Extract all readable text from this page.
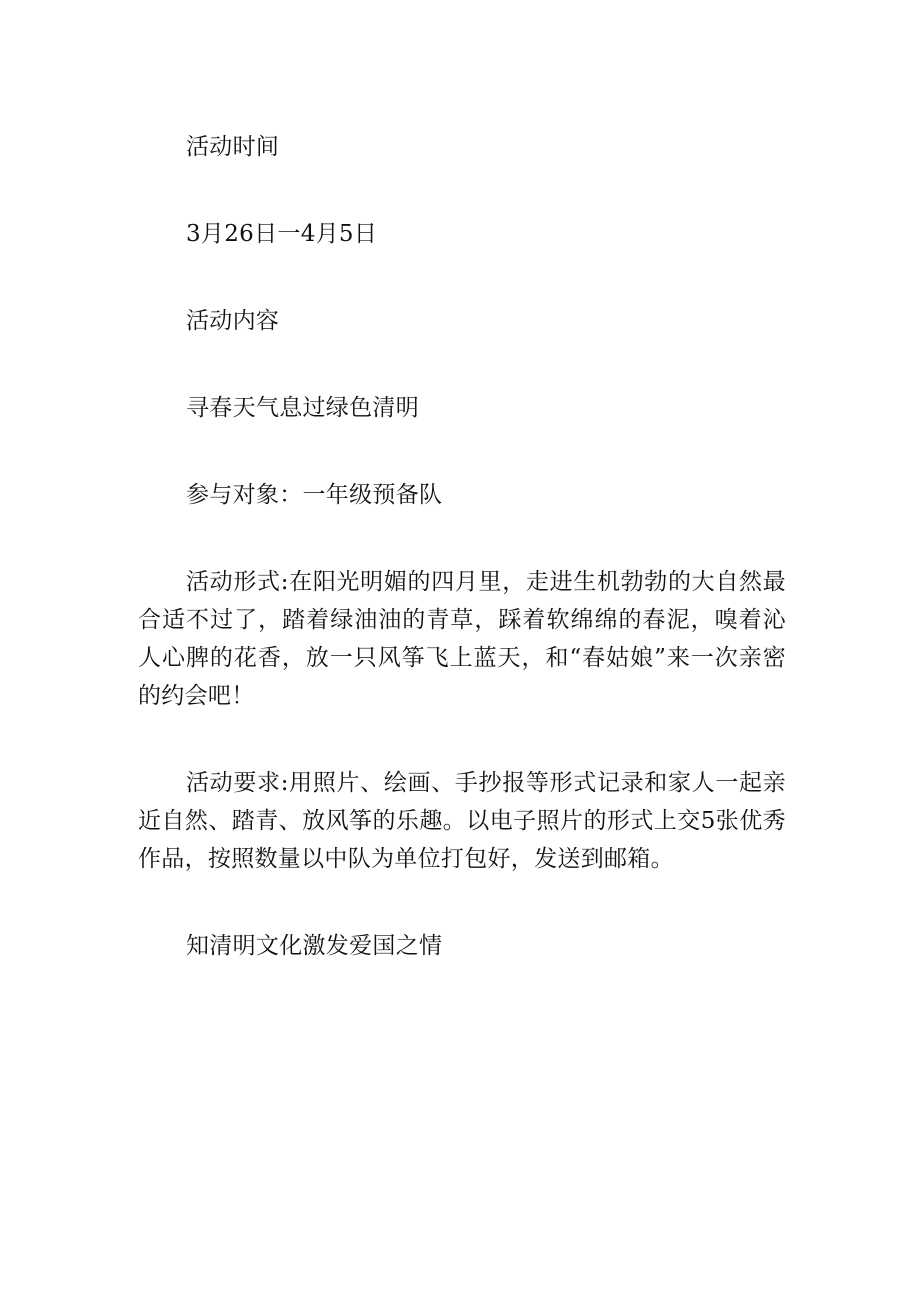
活动时间

3月26日一4月5日

活动内容

寻春天气息过绿色清明

参与对象：一年级预备队

活动形式:在阳光明媚的四月里，走进生机勃勃的大自然最合适不过了，踏着绿油油的青草，踩着软绵绵的春泥，嗅着沁人心脾的花香，放一只风筝飞上蓝天，和“春姑娘”来一次亲密的约会吧！

活动要求:用照片、绘画、手抄报等形式记录和家人一起亲近自然、踏青、放风筝的乐趣。以电子照片的形式上交5张优秀作品，按照数量以中队为单位打包好，发送到邮箱。

知清明文化激发爱国之情
